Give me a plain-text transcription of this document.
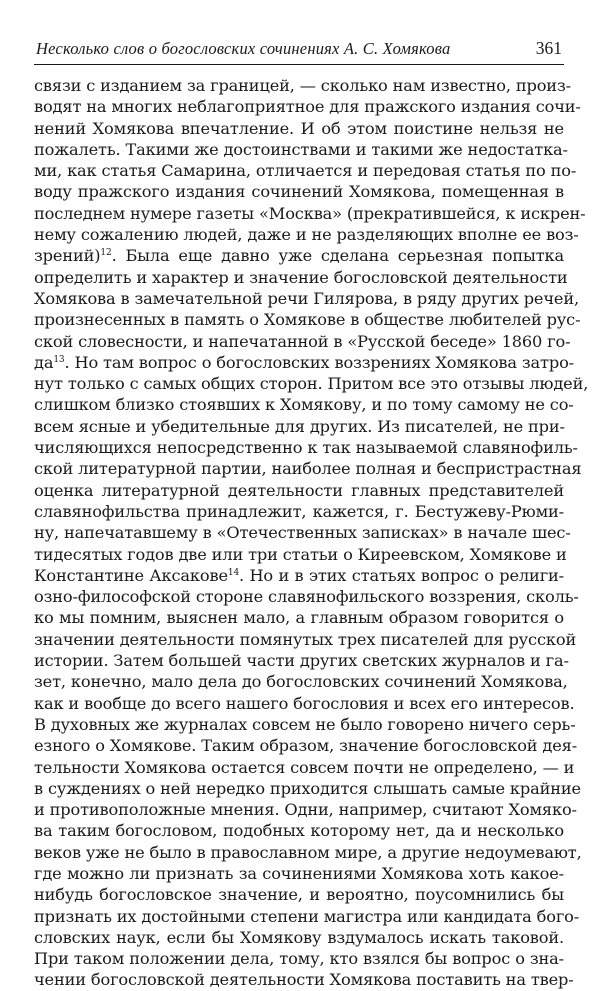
Несколько слов о богословских сочинениях А. С. Хомякова	361
связи с изданием за границей, — сколько нам известно, произ-
водят на многих неблагоприятное для пражского издания сочи-
нений Хомякова впечатление. И об этом поистине нельзя не
пожалеть. Такими же достоинствами и такими же недостатка-
ми, как статья Самарина, отличается и передовая статья по по-
воду пражского издания сочинений Хомякова, помещенная в
последнем нумере газеты «Москва» (прекратившейся, к искрен-
нему сожалению людей, даже и не разделяющих вполне ее воз-
зрений)$^{12}$. Была еще давно уже сделана серьезная попытка
определить и характер и значение богословской деятельности
Хомякова в замечательной речи Гилярова, в ряду других речей,
произнесенных в память о Хомякове в обществе любителей рус-
ской словесности, и напечатанной в «Русской беседе» 1860 го-
$да^{13}$. Но там вопрос о богословских воззрениях Хомякова затро-
нут только с самых общих сторон. Притом все это отзывы людей,
слишком близко стоявших к Хомякову, и по тому самому не со-
всем ясные и убедительные для других. Из писателей, не при-
числяющихся непосредственно к так называемой славянофиль-
ской литературной партии, наиболее полная и беспристрастная
оценка литературной деятельности главных представителей
славянофильства принадлежит, кажется, г. Бестужеву-Рюми-
ну, напечатавшему в «Отечественных записках» в начале шес-
тидесятых годов две или три статьи о Киреевском, Хомякове и
Константине Аксакове$^{14}$. Но и в этих статьях вопрос о религи-
озно-философской стороне славянофильского воззрения, сколь-
ко мы помним, выяснен мало, а главным образом говорится о
значении деятельности помянутых трех писателей для русской
истории. Затем большей части других светских журналов и га-
зет, конечно, мало дела до богословских сочинений Хомякова,
как и вообще до всего нашего богословия и всех его интересов.
В духовных же журналах совсем не было говорено ничего серь-
езного о Хомякове. Таким образом, значение богословской дея-
тельности Хомякова остается совсем почти не определено, — и
в суждениях о ней нередко приходится слышать самые крайние
и противоположные мнения. Одни, например, считают Хомяко-
ва таким богословом, подобных которому нет, да и несколько
веков уже не было в православном мире, а другие недоумевают,
где можно ли признать за сочинениями Хомякова хоть какое-
нибудь богословское значение, и вероятно, поусомнились бы
признать их достойными степени магистра или кандидата бого-
словских наук, если бы Хомякову вздумалось искать таковой.
При таком положении дела, тому, кто взялся бы вопрос о зна-
чении богословской деятельности Хомякова поставить на твер-
